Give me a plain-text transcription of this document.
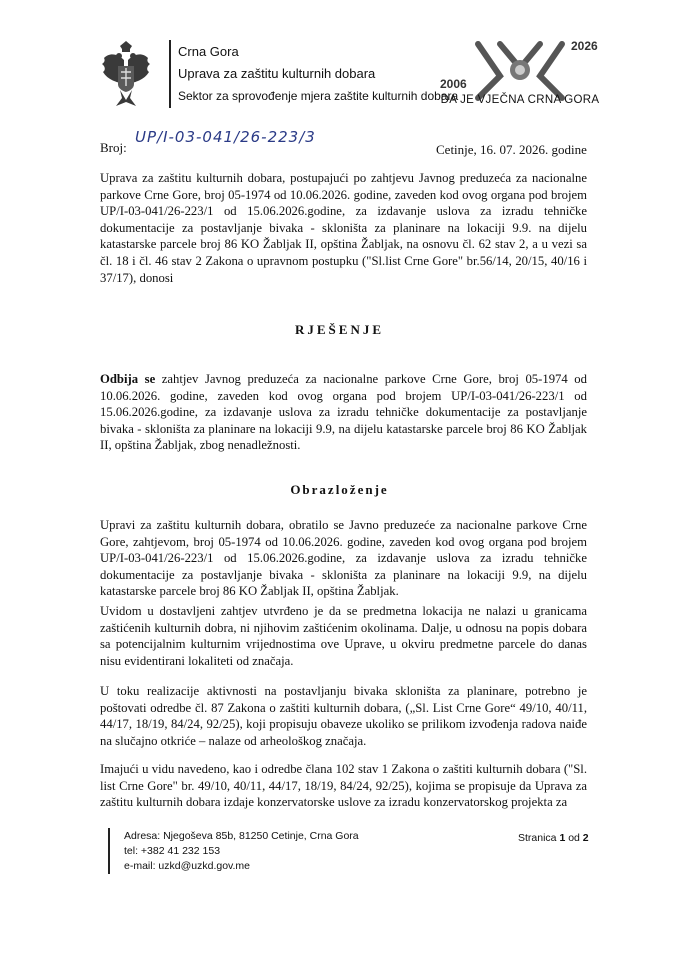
Crna Gora
Uprava za zaštitu kulturnih dobara
Sektor za sprovođenje mjera zaštite kulturnih dobara
2026
2006
DA JE VJEČNA CRNA GORA
Broj:
UP/I-03-041/26-223/3
Cetinje, 16. 07. 2026. godine
Uprava za zaštitu kulturnih dobara, postupajući po zahtjevu Javnog preduzeća za nacionalne parkove Crne Gore, broj 05-1974 od 10.06.2026. godine, zaveden kod ovog organa pod brojem UP/I-03-041/26-223/1 od 15.06.2026.godine, za izdavanje uslova za izradu tehničke dokumentacije za postavljanje bivaka - skloništa za planinare na lokaciji 9.9. na dijelu katastarske parcele broj 86 KO Žabljak II, opština Žabljak, na osnovu čl. 62 stav 2, a u vezi sa čl. 18 i čl. 46 stav 2 Zakona o upravnom postupku ("Sl.list Crne Gore" br.56/14, 20/15, 40/16 i 37/17), donosi
RJEŠENJE
Odbija se zahtjev Javnog preduzeća za nacionalne parkove Crne Gore, broj 05-1974 od 10.06.2026. godine, zaveden kod ovog organa pod brojem UP/I-03-041/26-223/1 od 15.06.2026.godine, za izdavanje uslova za izradu tehničke dokumentacije za postavljanje bivaka - skloništa za planinare na lokaciji 9.9, na dijelu katastarske parcele broj 86 KO Žabljak II, opština Žabljak, zbog nenadležnosti.
Obrazloženje
Upravi za zaštitu kulturnih dobara, obratilo se Javno preduzeće za nacionalne parkove Crne Gore, zahtjevom, broj 05-1974 od 10.06.2026. godine, zaveden kod ovog organa pod brojem UP/I-03-041/26-223/1 od 15.06.2026.godine, za izdavanje uslova za izradu tehničke dokumentacije za postavljanje bivaka - skloništa za planinare na lokaciji 9.9, na dijelu katastarske parcele broj 86 KO Žabljak II, opština Žabljak.
Uvidom u dostavljeni zahtjev utvrđeno je da se predmetna lokacija ne nalazi u granicama zaštićenih kulturnih dobra, ni njihovim zaštićenim okolinama. Dalje, u odnosu na popis dobara sa potencijalnim kulturnim vrijednostima ove Uprave, u okviru predmetne parcele do danas nisu evidentirani lokaliteti od značaja.
U toku realizacije aktivnosti na postavljanju bivaka skloništa za planinare, potrebno je poštovati odredbe čl. 87 Zakona o zaštiti kulturnih dobara, („Sl. List Crne Gore“ 49/10, 40/11, 44/17, 18/19, 84/24, 92/25), koji propisuju obaveze ukoliko se prilikom izvođenja radova naiđe na slučajno otkriće – nalaze od arheološkog značaja.
Imajući u vidu navedeno, kao i odredbe člana 102 stav 1 Zakona o zaštiti kulturnih dobara ("Sl. list Crne Gore" br. 49/10, 40/11, 44/17, 18/19, 84/24, 92/25), kojima se propisuje da Uprava za zaštitu kulturnih dobara izdaje konzervatorske uslove za izradu konzervatorskog projekta za
Adresa: Njegoševa 85b, 81250 Cetinje, Crna Gora
tel: +382 41 232 153
e-mail: uzkd@uzkd.gov.me
Stranica 1 od 2
